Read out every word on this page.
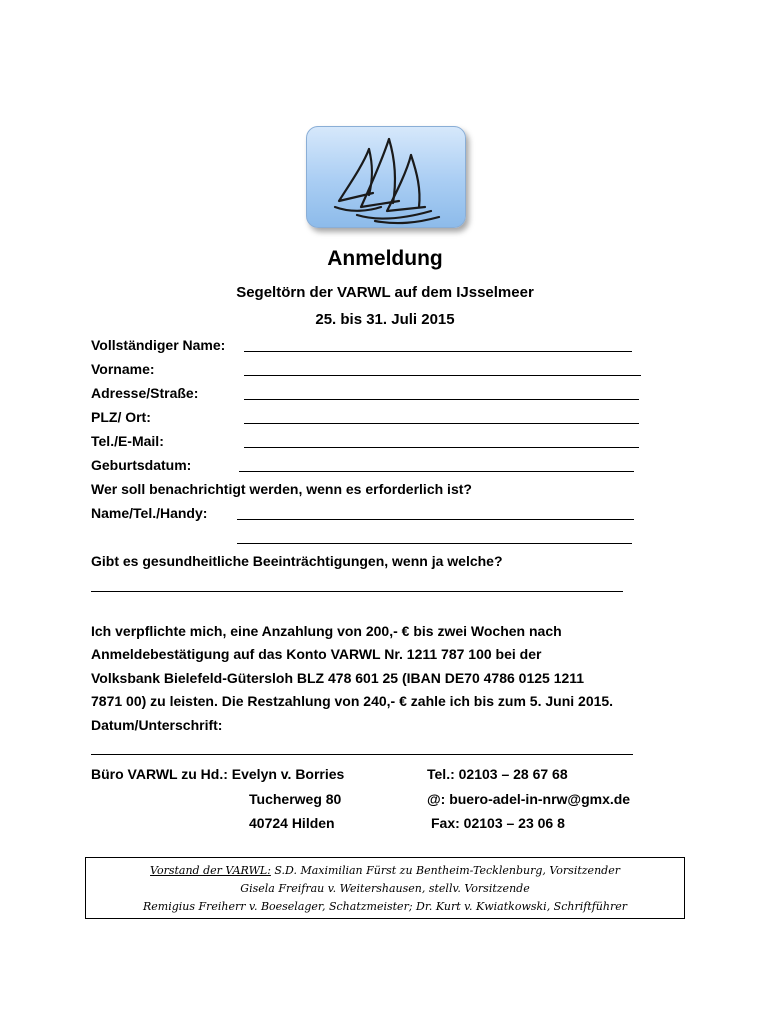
Anmeldung
Segeltörn der VARWL auf dem IJsselmeer
25. bis 31. Juli 2015
Vollständiger Name:
Vorname:
Adresse/Straße:
PLZ/ Ort:
Tel./E-Mail:
Geburtsdatum:
Wer soll benachrichtigt werden, wenn es erforderlich ist?
Name/Tel./Handy:
Gibt es gesundheitliche Beeinträchtigungen, wenn ja welche?

Ich verpflichte mich, eine Anzahlung von 200,- € bis zwei Wochen nach

Anmeldebestätigung auf das Konto VARWL Nr. 1211 787 100 bei der

Volksbank Bielefeld-Gütersloh BLZ 478 601 25 (IBAN DE70 4786 0125 1211

7871 00) zu leisten. Die Restzahlung von 240,- € zahle ich bis zum 5. Juni 2015.

Datum/Unterschrift:

Büro VARWL zu Hd.: Evelyn v. Borries
Tucherweg 80
40724 Hilden
Tel.: 02103 – 28 67 68
@: buero-adel-in-nrw@gmx.de
Fax: 02103 – 23 06 8
Vorstand der VARWL: S.D. Maximilian Fürst zu Bentheim-Tecklenburg, Vorsitzender
Gisela Freifrau v. Weitershausen, stellv. Vorsitzende
Remigius Freiherr v. Boeselager, Schatzmeister; Dr. Kurt v. Kwiatkowski, Schriftführer
